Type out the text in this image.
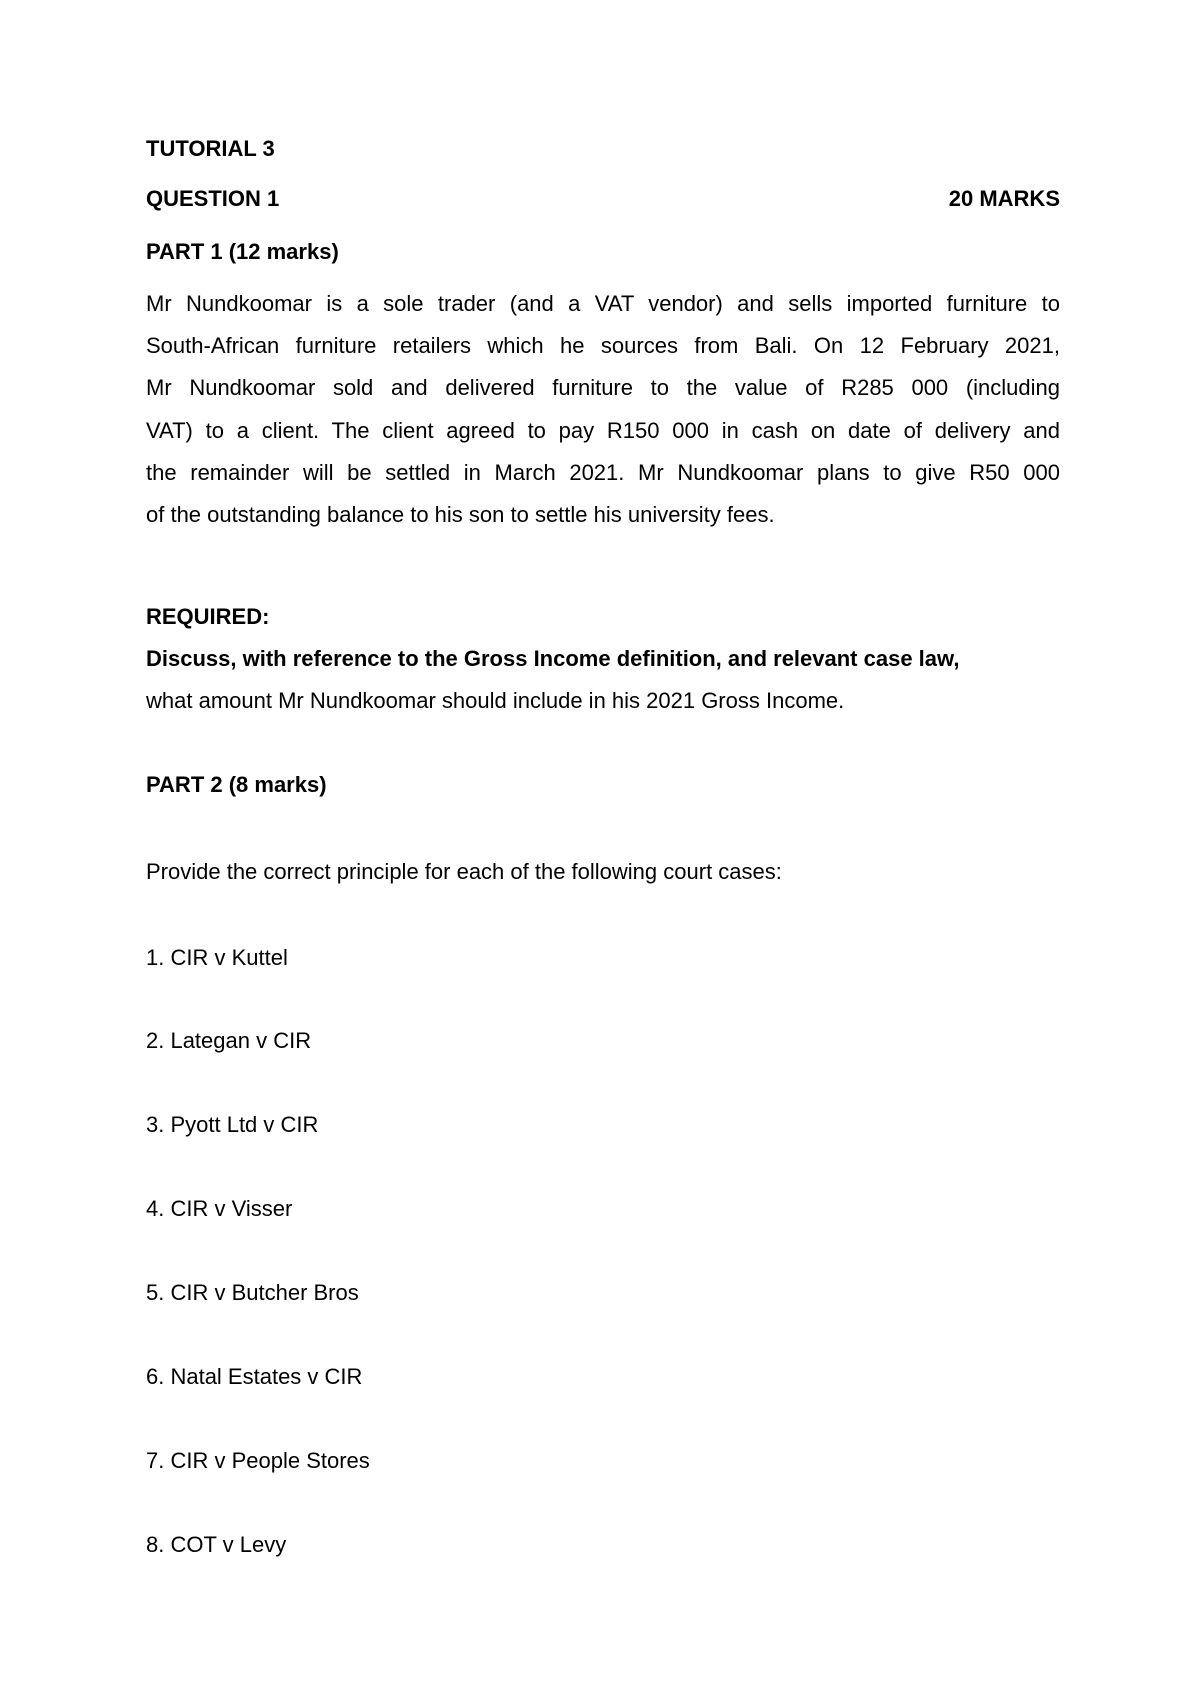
TUTORIAL 3
QUESTION 1	20 MARKS
PART 1 (12 marks)
Mr Nundkoomar is a sole trader (and a VAT vendor) and sells imported furniture to
South-African furniture retailers which he sources from Bali. On 12 February 2021,
Mr Nundkoomar sold and delivered furniture to the value of R285 000 (including
VAT) to a client. The client agreed to pay R150 000 in cash on date of delivery and
the remainder will be settled in March 2021. Mr Nundkoomar plans to give R50 000
of the outstanding balance to his son to settle his university fees.
REQUIRED:
Discuss, with reference to the Gross Income definition, and relevant case law,
what amount Mr Nundkoomar should include in his 2021 Gross Income.
PART 2 (8 marks)
Provide the correct principle for each of the following court cases:
1. CIR v Kuttel
2. Lategan v CIR
3. Pyott Ltd v CIR
4. CIR v Visser
5. CIR v Butcher Bros
6. Natal Estates v CIR
7. CIR v People Stores
8. COT v Levy
